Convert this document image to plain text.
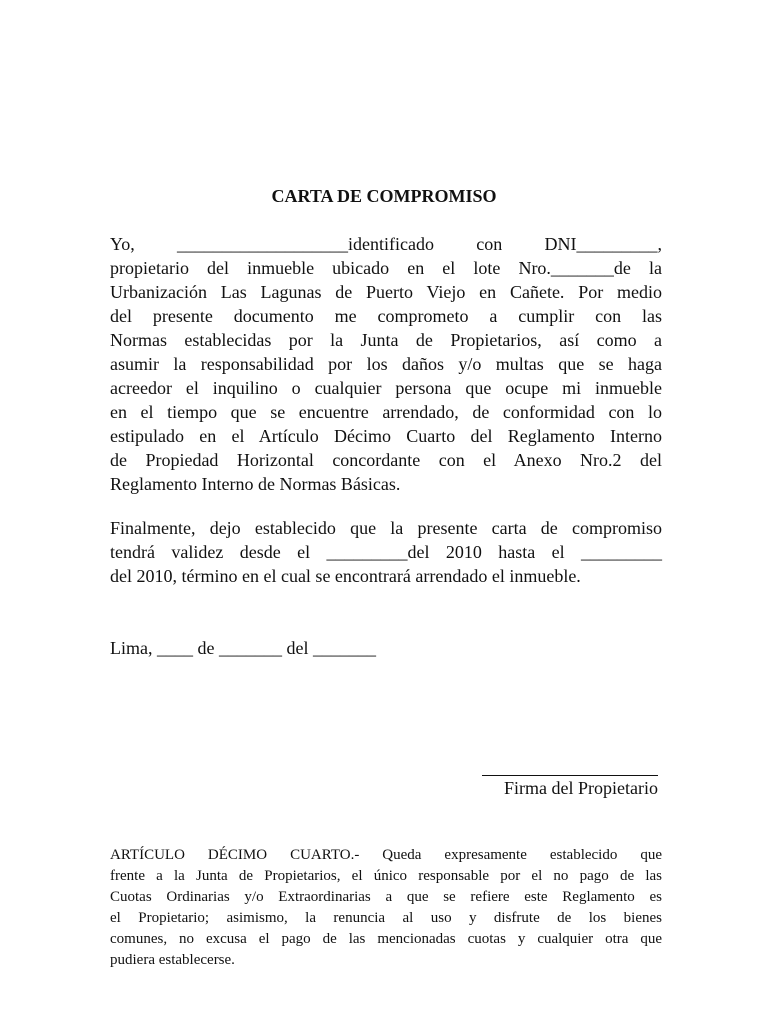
CARTA DE COMPROMISO
Yo, ___________________identificado con DNI_________,
propietario del inmueble ubicado en el lote Nro._______de la
Urbanización Las Lagunas de Puerto Viejo en Cañete. Por medio
del presente documento me comprometo a cumplir con las
Normas establecidas por la Junta de Propietarios, así como a
asumir la responsabilidad por los daños y/o multas que se haga
acreedor el inquilino o cualquier persona que ocupe mi inmueble
en el tiempo que se encuentre arrendado, de conformidad con lo
estipulado en el Artículo Décimo Cuarto del Reglamento Interno
de Propiedad Horizontal concordante con el Anexo Nro.2 del
Reglamento Interno de Normas Básicas.
Finalmente, dejo establecido que la presente carta de compromiso
tendrá validez desde el _________del 2010 hasta el _________
del 2010, término en el cual se encontrará arrendado el inmueble.

Lima, ____ de _______ del _______

Firma del Propietario

ARTÍCULO DÉCIMO CUARTO.- Queda expresamente establecido que
frente a la Junta de Propietarios, el único responsable por el no pago de las
Cuotas Ordinarias y/o Extraordinarias a que se refiere este Reglamento es
el Propietario; asimismo, la renuncia al uso y disfrute de los bienes
comunes, no excusa el pago de las mencionadas cuotas y cualquier otra que
pudiera establecerse.
